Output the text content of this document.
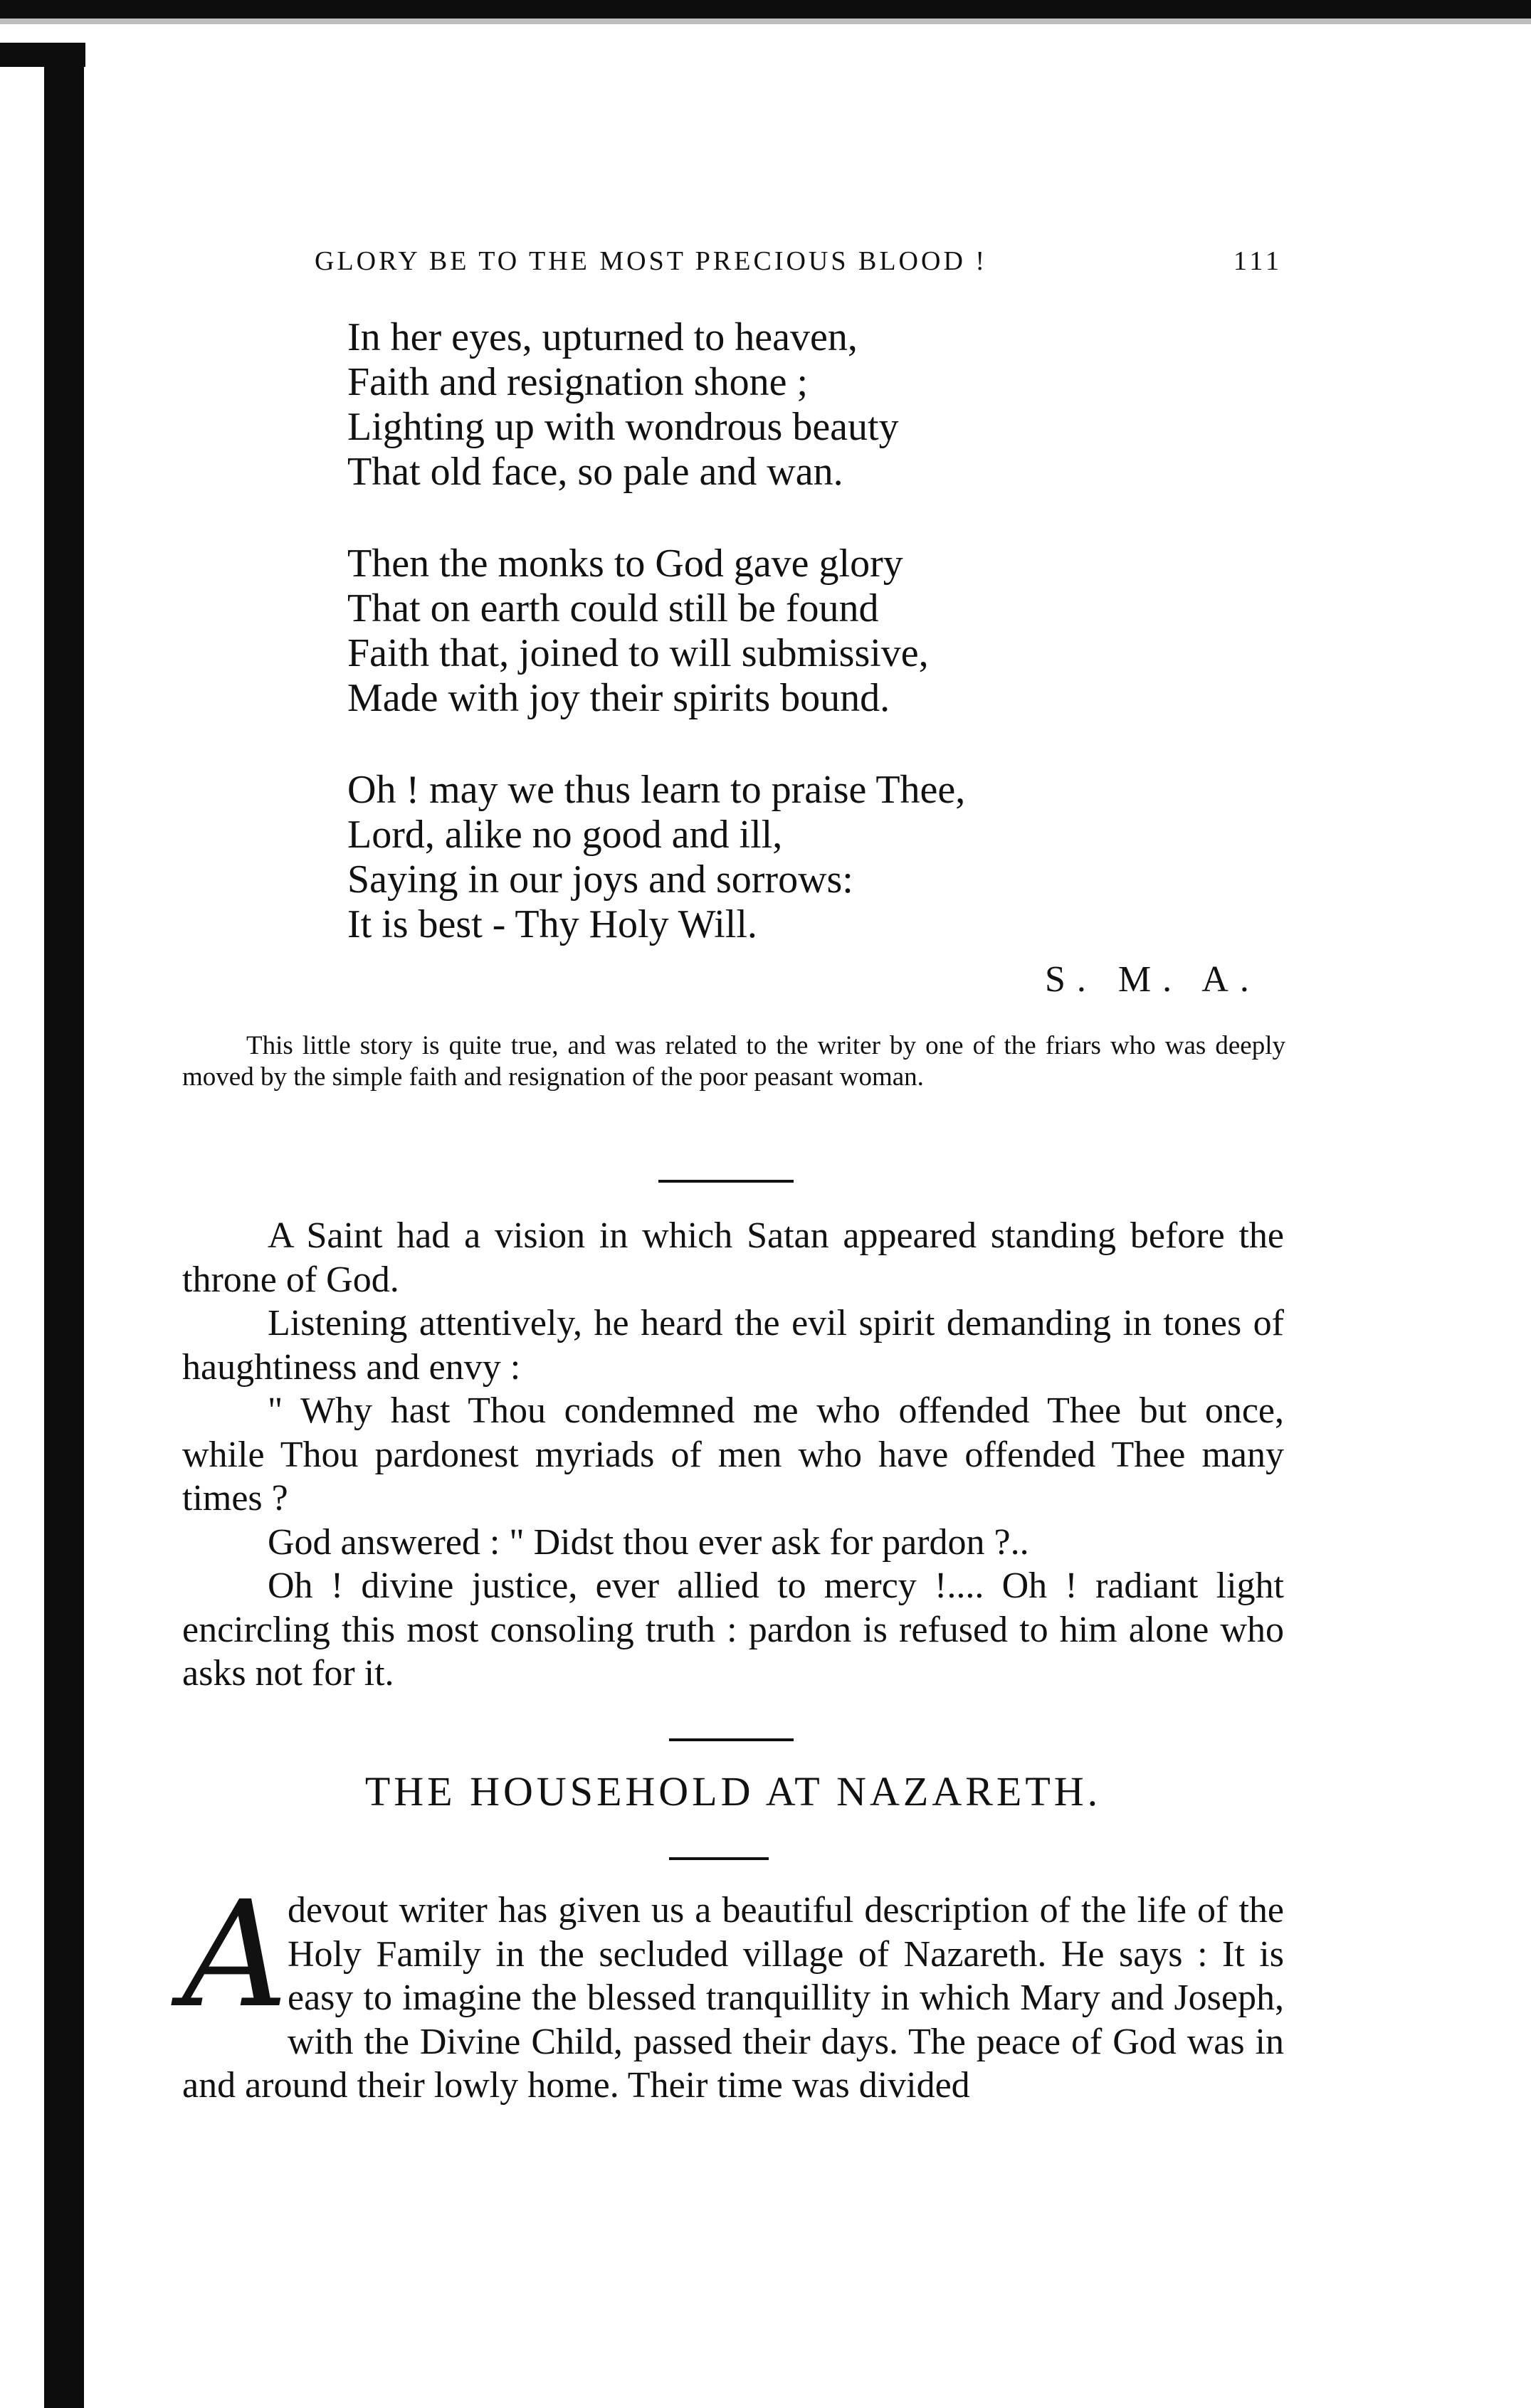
GLORY BE TO THE MOST PRECIOUS BLOOD !	111
In her eyes, upturned to heaven,
Faith and resignation shone ;
Lighting up with wondrous beauty
That old face, so pale and wan.
Then the monks to God gave glory
That on earth could still be found
Faith that, joined to will submissive,
Made with joy their spirits bound.
Oh ! may we thus learn to praise Thee,
Lord, alike no good and ill,
Saying in our joys and sorrows:
It is best - Thy Holy Will.
S. M. A.
This little story is quite true, and was related to the writer by one of the friars who was deeply moved by the simple faith and resignation of the poor peasant woman.

A Saint had a vision in which Satan appeared standing before the throne of God.

Listening attentively, he heard the evil spirit demanding in tones of haughtiness and envy :

" Why hast Thou condemned me who offended Thee but once, while Thou pardonest myriads of men who have offended Thee many times ?

God answered : " Didst thou ever ask for pardon ?..

Oh ! divine justice, ever allied to mercy !.... Oh ! radiant light encircling this most consoling truth : pardon is refused to him alone who asks not for it.

THE HOUSEHOLD AT NAZARETH.
A devout writer has given us a beautiful description of the life of the Holy Family in the secluded village of Nazareth. He says : It is easy to imagine the blessed tranquillity in which Mary and Joseph, with the Divine Child, passed their days. The peace of God was in and around their lowly home. Their time was divided
